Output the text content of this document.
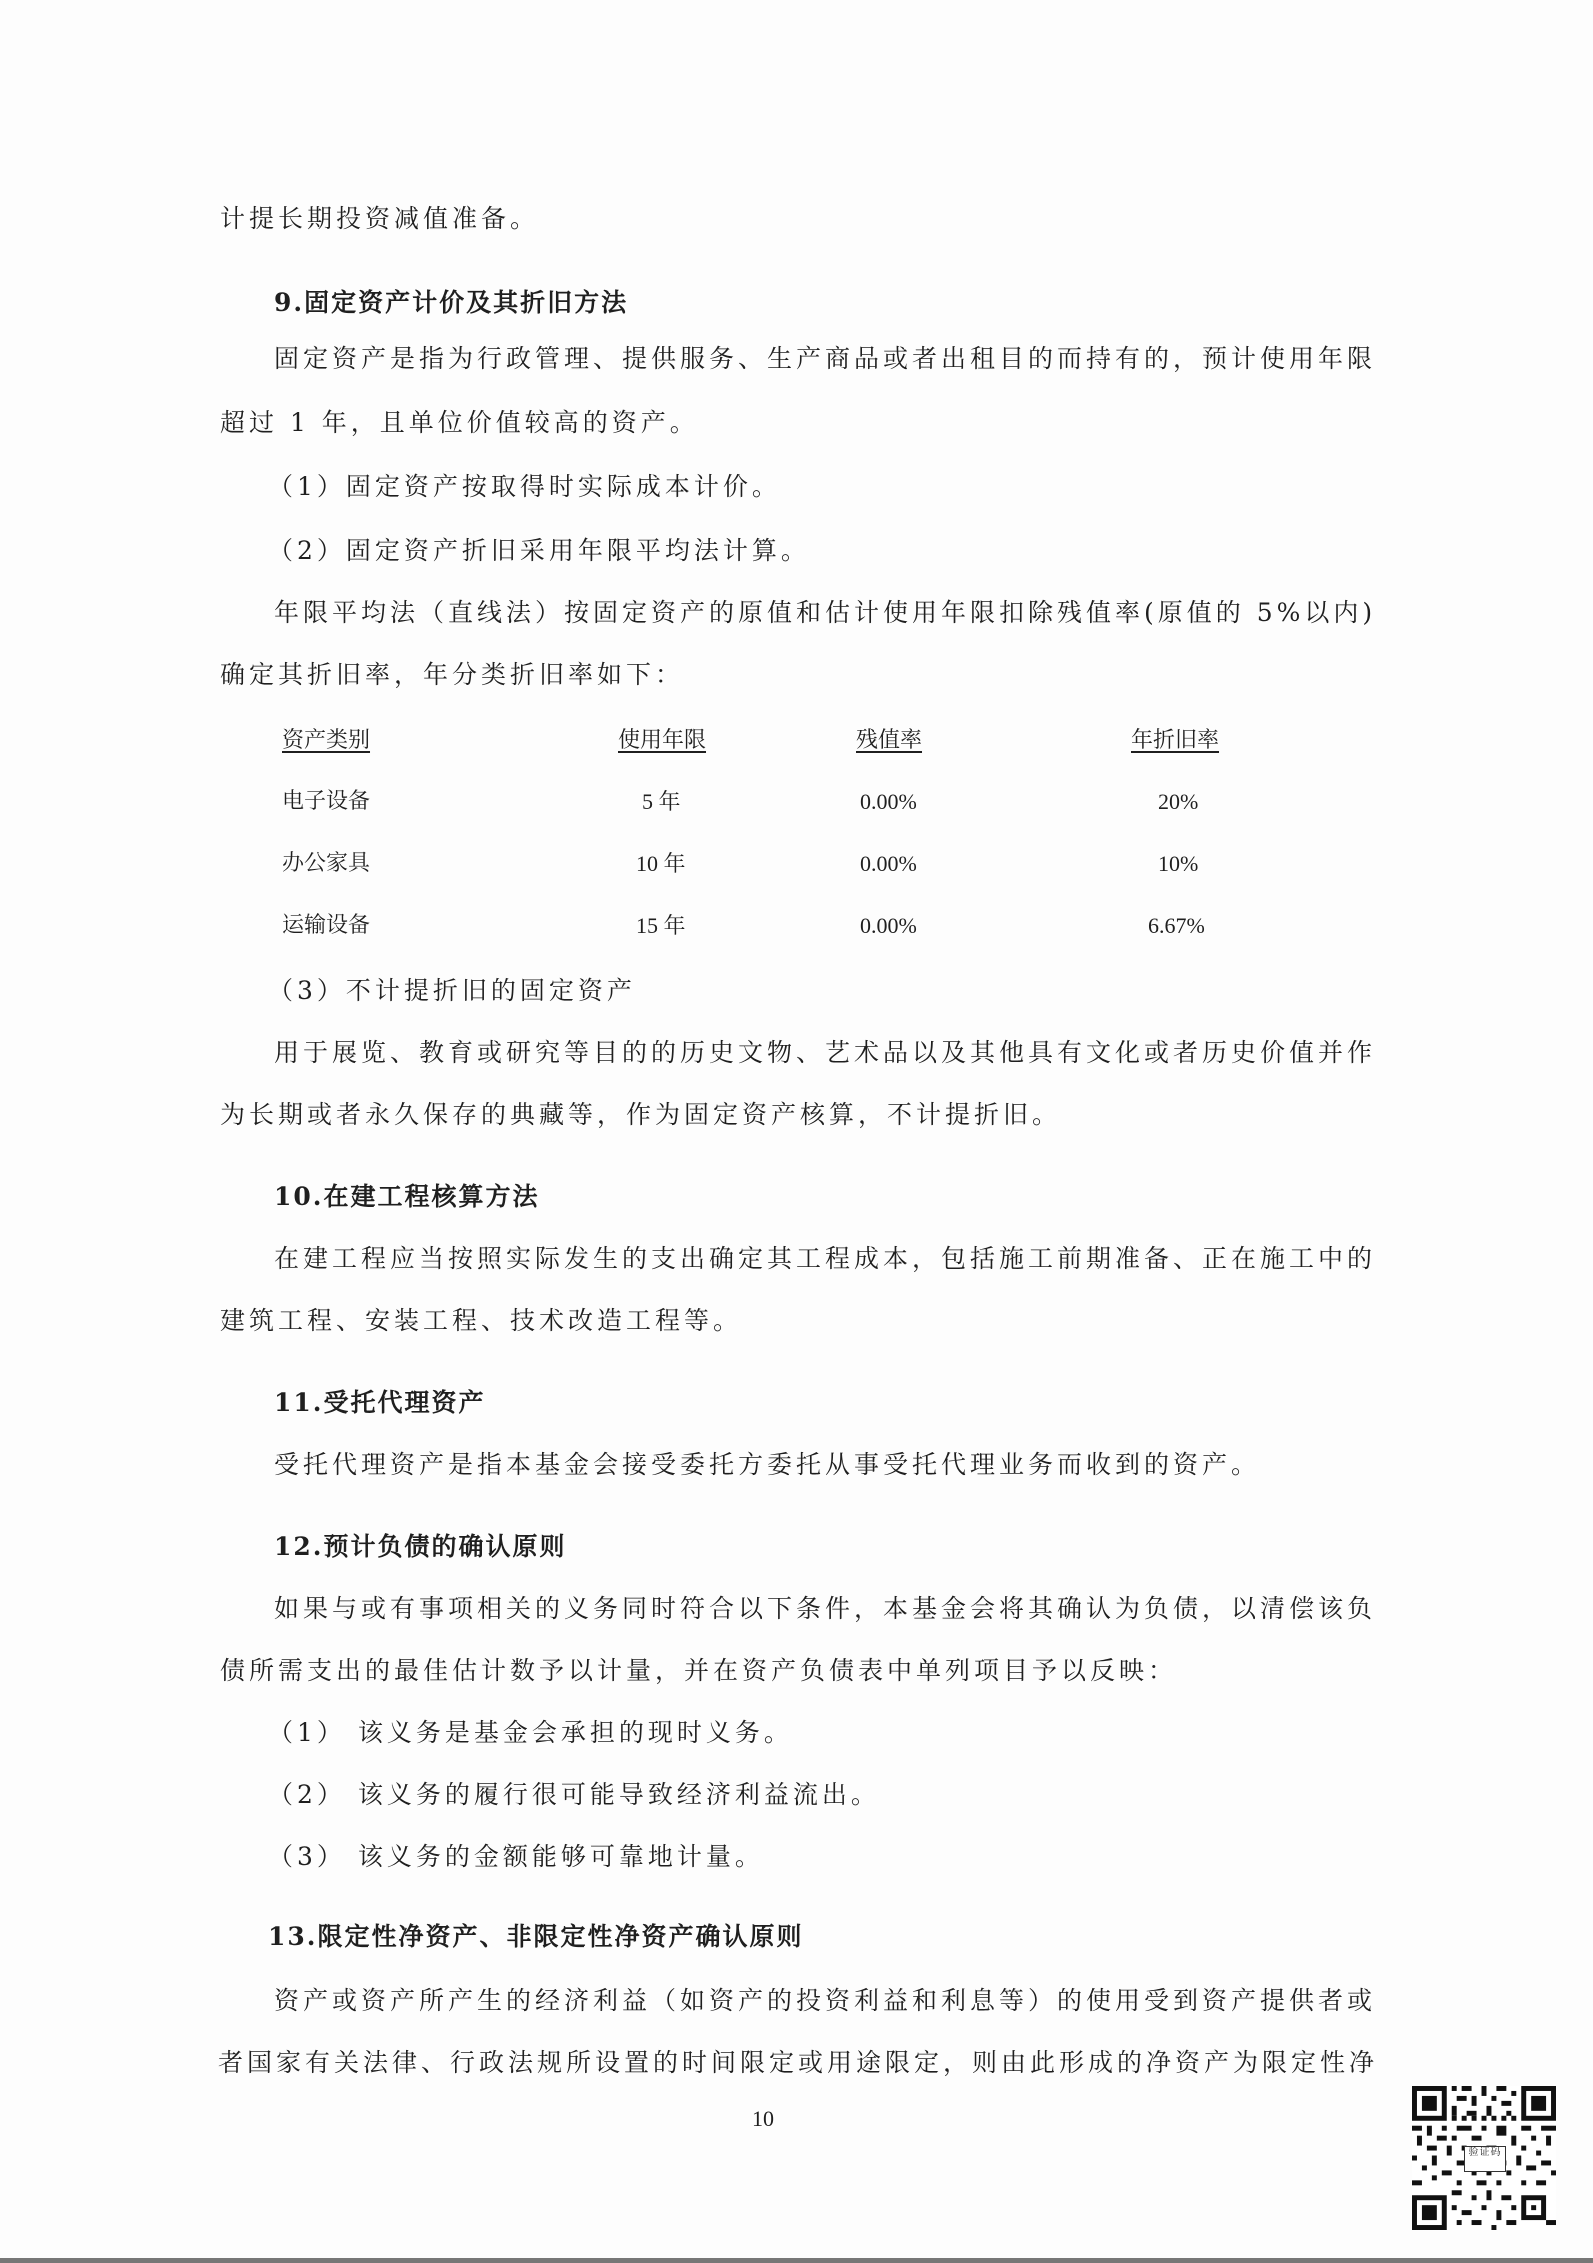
计提长期投资减值准备。
9.固定资产计价及其折旧方法
固定资产是指为行政管理、提供服务、生产商品或者出租目的而持有的，预计使用年限
超过 1 年，且单位价值较高的资产。
（1）固定资产按取得时实际成本计价。
（2）固定资产折旧采用年限平均法计算。
年限平均法（直线法）按固定资产的原值和估计使用年限扣除残值率(原值的 5%以内)
确定其折旧率，年分类折旧率如下：
资产类别	使用年限	残值率	年折旧率
电子设备	5 年	0.00%	20%
办公家具	10 年	0.00%	10%
运输设备	15 年	0.00%	6.67%
（3）不计提折旧的固定资产
用于展览、教育或研究等目的的历史文物、艺术品以及其他具有文化或者历史价值并作
为长期或者永久保存的典藏等，作为固定资产核算，不计提折旧。
10.在建工程核算方法
在建工程应当按照实际发生的支出确定其工程成本，包括施工前期准备、正在施工中的
建筑工程、安装工程、技术改造工程等。
11.受托代理资产
受托代理资产是指本基金会接受委托方委托从事受托代理业务而收到的资产。
12.预计负债的确认原则
如果与或有事项相关的义务同时符合以下条件，本基金会将其确认为负债，以清偿该负
债所需支出的最佳估计数予以计量，并在资产负债表中单列项目予以反映：
（1） 该义务是基金会承担的现时义务。
（2） 该义务的履行很可能导致经济利益流出。
（3） 该义务的金额能够可靠地计量。
13.限定性净资产、非限定性净资产确认原则
资产或资产所产生的经济利益（如资产的投资利益和利息等）的使用受到资产提供者或
者国家有关法律、行政法规所设置的时间限定或用途限定，则由此形成的净资产为限定性净
10
验证码
